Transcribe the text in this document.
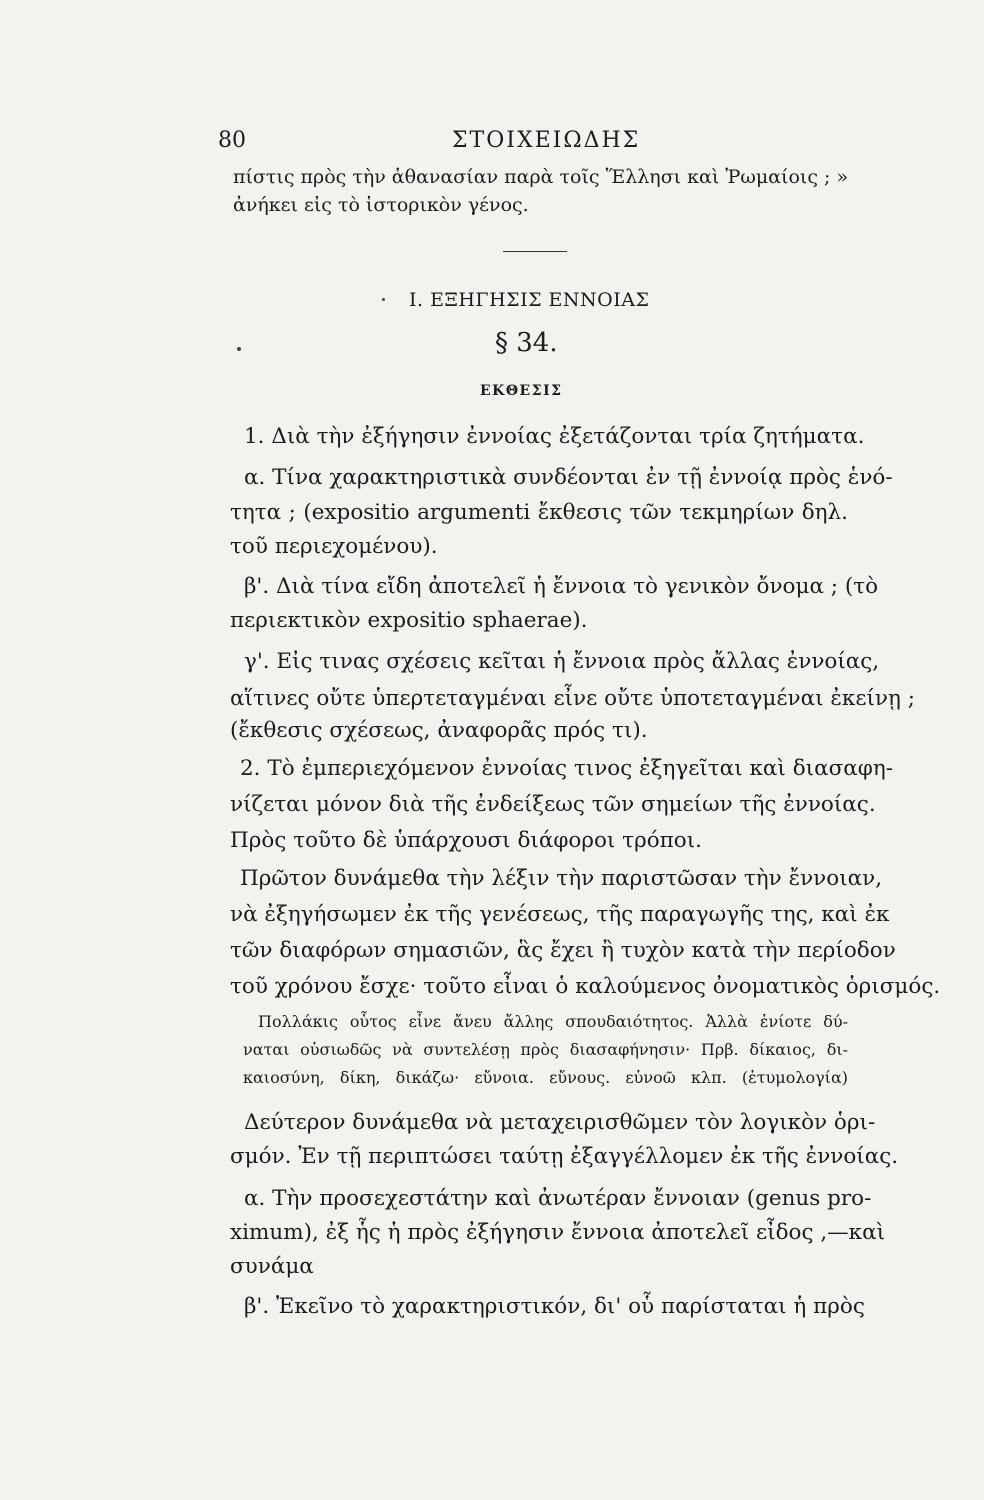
80	ΣΤΟΙΧΕΙΩΔΗΣ
πίστις πρὸς τὴν ἀθανασίαν παρὰ τοῖς Ἕλλησι καὶ Ῥωμαίοις ; »
ἀνήκει εἰς τὸ ἱστορικὸν γένος.
I. ΕΞΗΓΗΣΙΣ ΕΝΝΟΙΑΣ
§ 34.
ΕΚΘΕΣΙΣ
1. Διὰ τὴν ἐξήγησιν ἐννοίας ἐξετάζονται τρία ζητήματα.
α. Τίνα χαρακτηριστικὰ συνδέονται ἐν τῇ ἐννοίᾳ πρὸς ἑνό-
τητα ; (expositio argumenti ἔκθεσις τῶν τεκμηρίων δηλ.
τοῦ περιεχομένου).
β'. Διὰ τίνα εἴδη ἀποτελεῖ ἡ ἔννοια τὸ γενικὸν ὄνομα ; (τὸ
περιεκτικὸν expositio sphaerae).
γ'. Εἰς τινας σχέσεις κεῖται ἡ ἔννοια πρὸς ἄλλας ἐννοίας,
αἵτινες οὔτε ὑπερτεταγμέναι εἶνε οὔτε ὑποτεταγμέναι ἐκείνῃ ;
(ἔκθεσις σχέσεως, ἀναφορᾶς πρός τι).
2. Τὸ ἐμπεριεχόμενον ἐννοίας τινος ἐξηγεῖται καὶ διασαφη-
νίζεται μόνον διὰ τῆς ἐνδείξεως τῶν σημείων τῆς ἐννοίας.
Πρὸς τοῦτο δὲ ὑπάρχουσι διάφοροι τρόποι.
Πρῶτον δυνάμεθα τὴν λέξιν τὴν παριστῶσαν τὴν ἔννοιαν,
νὰ ἐξηγήσωμεν ἐκ τῆς γενέσεως, τῆς παραγωγῆς της, καὶ ἐκ
τῶν διαφόρων σημασιῶν, ἃς ἔχει ἢ τυχὸν κατὰ τὴν περίοδον
τοῦ χρόνου ἔσχε· τοῦτο εἶναι ὁ καλούμενος ὀνοματικὸς ὁρισμός.
Πολλάκις οὗτος εἶνε ἄνευ ἄλλης σπουδαιότητος. Ἀλλὰ ἐνίοτε δύ-
ναται οὐσιωδῶς νὰ συντελέσῃ πρὸς διασαφήνησιν· Πρβ. δίκαιος, δι-
καιοσύνη, δίκη, δικάζω· εὔνοια. εὔνους. εὐνοῶ κλπ. (ἐτυμολογία)
Δεύτερον δυνάμεθα νὰ μεταχειρισθῶμεν τὸν λογικὸν ὁρι-
σμόν. Ἐν τῇ περιπτώσει ταύτῃ ἐξαγγέλλομεν ἐκ τῆς ἐννοίας.
α. Τὴν προσεχεστάτην καὶ ἀνωτέραν ἔννοιαν (genus pro-
ximum), ἐξ ἧς ἡ πρὸς ἐξήγησιν ἔννοια ἀποτελεῖ εἶδος ,—καὶ
συνάμα
β'. Ἐκεῖνο τὸ χαρακτηριστικόν, δι' οὗ παρίσταται ἡ πρὸς
